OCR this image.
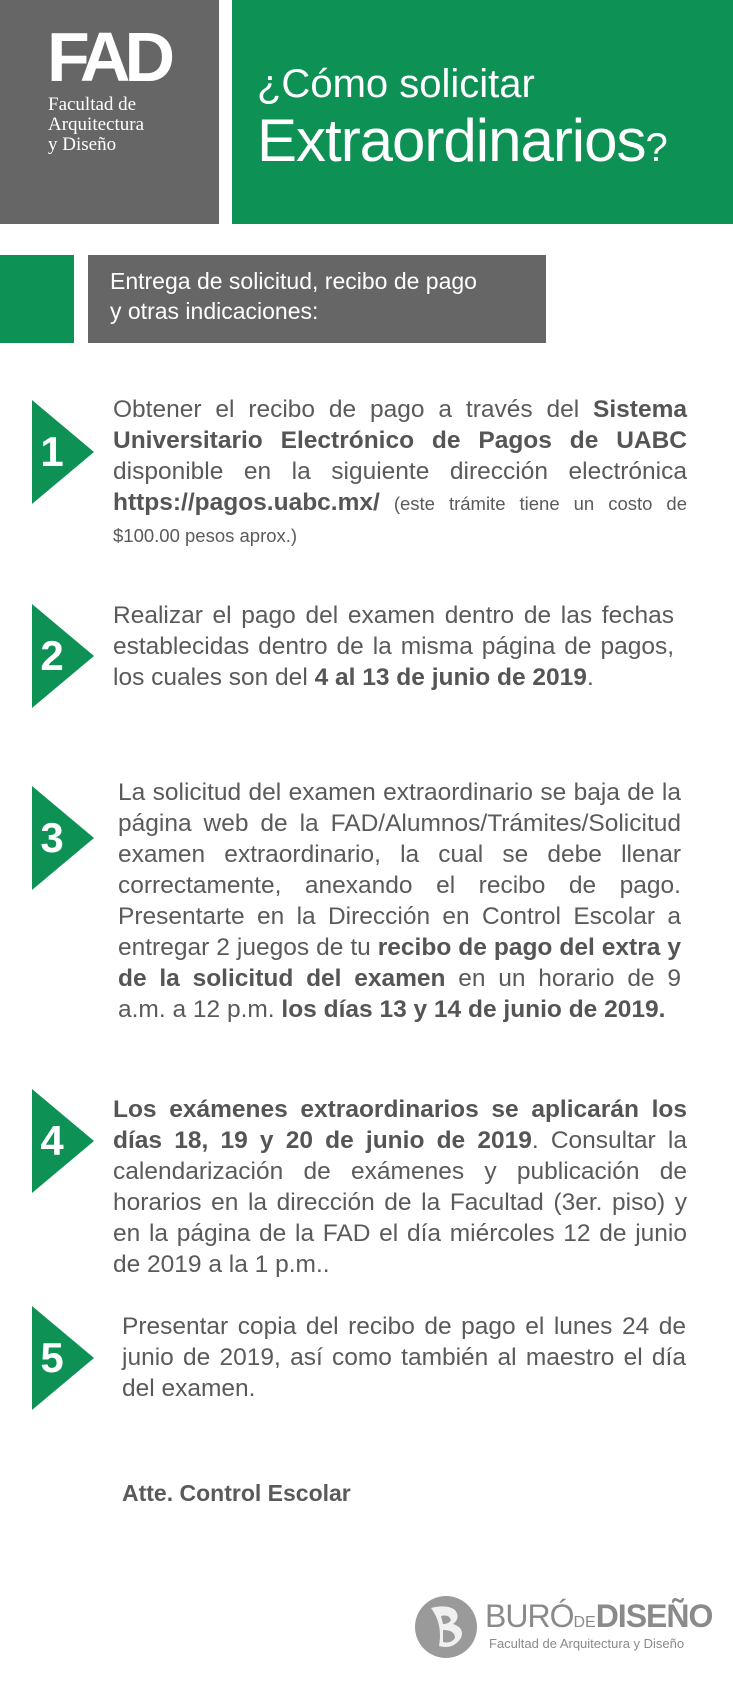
FAD
Facultad de
Arquitectura
y Diseño
¿Cómo solicitar
Extraordinarios?
Entrega de solicitud, recibo de pago
y otras indicaciones:
1
Obtener el recibo de pago a través del Sistema Universitario Electrónico de Pagos de UABC disponible en la siguiente dirección electrónica https://pagos.uabc.mx/ (este trámite tiene un costo de $100.00 pesos aprox.)
2
Realizar el pago del examen dentro de las fechas establecidas dentro de la misma página de pagos, los cuales son del 4 al 13 de junio de 2019.
3
La solicitud del examen extraordinario se baja de la página web de la FAD/Alumnos/Trámites/Solicitud examen extraordinario, la cual se debe llenar correctamente, anexando el recibo de pago. Presentarte en la Dirección en Control Escolar a entregar 2 juegos de tu recibo de pago del extra y de la solicitud del examen en un horario de 9 a.m. a 12 p.m. los días 13 y 14 de junio de 2019.
4
Los exámenes extraordinarios se aplicarán los días 18, 19 y 20 de junio de 2019. Consultar la calendarización de exámenes y publicación de horarios en la dirección de la Facultad (3er. piso) y en la página de la FAD el día miércoles 12 de junio de 2019 a la 1 p.m..
5
Presentar copia del recibo de pago el lunes 24 de junio de 2019, así como también al maestro el día del examen.
Atte. Control Escolar
BURÓDEDISEÑO
Facultad de Arquitectura y Diseño
